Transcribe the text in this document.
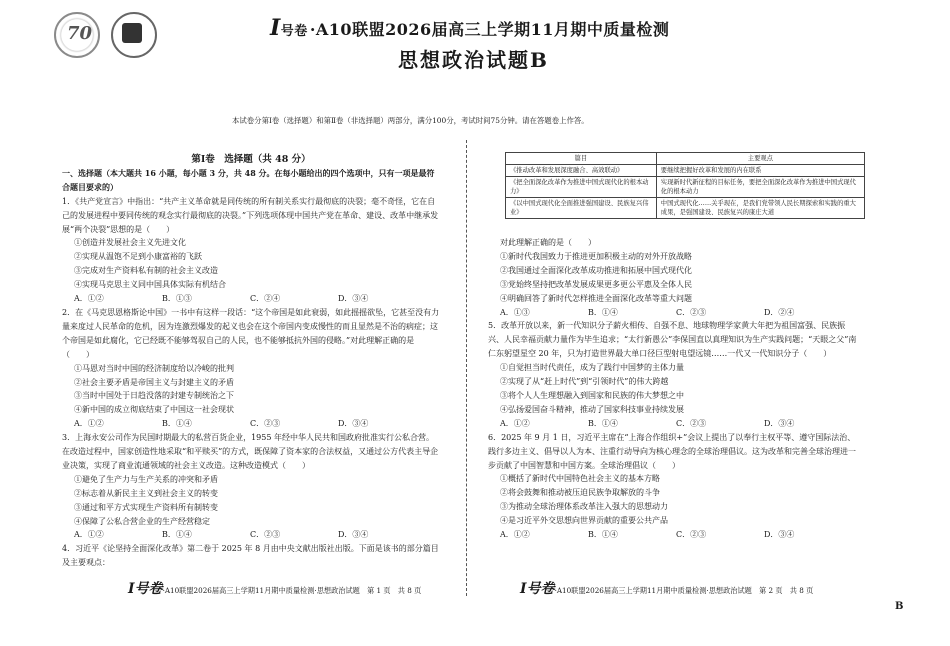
70	I号卷 ·A10联盟2026届高三上学期11月期中质量检测
思想政治试题B
本试卷分第Ⅰ卷（选择题）和第Ⅱ卷（非选择题）两部分，满分100分，考试时间75分钟。请在答题卷上作答。
第Ⅰ卷　选择题（共 48 分）

一、选择题（本大题共 16 小题，每小题 3 分，共 48 分。在每小题给出的四个选项中，只有一项是最符合题目要求的）

1．《共产党宣言》中指出：“共产主义革命就是同传统的所有制关系实行最彻底的决裂；毫不奇怪，它在自己的发展进程中要同传统的观念实行最彻底的决裂。”下列选项体现中国共产党在革命、建设、改革中继承发展“两个决裂”思想的是（　　）

①创造并发展社会主义先进文化

②实现从温饱不足到小康富裕的飞跃

③完成对生产资料私有制的社会主义改造

④实现马克思主义同中国具体实际有机结合

A．①②	B．①③	C．②④	D．③④

2．在《马克思恩格斯论中国》一书中有这样一段话：“这个帝国是如此衰弱，如此摇摇欲坠，它甚至没有力量来度过人民革命的危机，因为连激烈爆发的起义也会在这个帝国内变成慢性的而且显然是不治的病症；这个帝国是如此腐化，它已经既不能够驾驭自己的人民，也不能够抵抗外国的侵略。”对此理解正确的是（　　）

①马恩对当时中国的经济制度给以冷峻的批判

②社会主要矛盾是帝国主义与封建主义的矛盾

③当时中国处于日趋没落的封建专制统治之下

④新中国的成立彻底结束了中国这一社会现状

A．①②	B．①④	C．②③	D．③④

3．上海永安公司作为民国时期最大的私营百货企业，1955 年经中华人民共和国政府批准实行公私合营。在改造过程中，国家创造性地采取“和平赎买”的方式，既保障了资本家的合法权益，又通过公方代表主导企业决策，实现了商业流通领域的社会主义改造。这种改造模式（　　）

①避免了生产力与生产关系的冲突和矛盾

②标志着从新民主主义到社会主义的转变

③通过和平方式实现生产资料所有制转变

④保障了公私合营企业的生产经营稳定

A．①②	B．①④	C．②③	D．③④

4．习近平《论坚持全面深化改革》第二卷于 2025 年 8 月由中央文献出版社出版。下面是该书的部分篇目及主要观点：

I号卷·A10联盟2026届高三上学期11月期中质量检测·思想政治试题　第 1 页　共 8 页
篇目	主要观点
《推动改革和发展深度融合、高效联动》	要继续把握好改革和发展的内在联系
《把全面深化改革作为推进中国式现代化的根本动力》	实现新时代新征程的目标任务，要把全面深化改革作为推进中国式现代化的根本动力
《以中国式现代化全面推进强国建设、民族复兴伟业》	中国式现代化……关乎现在，是我们党带领人民长期探索和实践的重大成果，是强国建设、民族复兴的康庄大道

对此理解正确的是（　　）

①新时代我国致力于推进更加积极主动的对外开放战略

②我国通过全面深化改革成功推进和拓展中国式现代化

③党始终坚持把改革发展成果更多更公平惠及全体人民

④明确回答了新时代怎样推进全面深化改革等重大问题

A．①③	B．①④	C．②③	D．②④

5．改革开放以来，新一代知识分子薪火相传、自强不息、地球物理学家黄大年把为祖国富强、民族振兴、人民幸福贡献力量作为毕生追求；“太行新愚公”李保国直以真理知识为生产实践问题；“天眼之父”南仁东躬望星空 20 年，只为打造世界最大单口径巨型射电望远镜……一代又一代知识分子（　　）

①自觉担当时代责任，成为了践行中国梦的主体力量

②实现了从“赶上时代”到“引领时代”的伟大跨越

③将个人人生理想融入到国家和民族的伟大梦想之中

④弘扬爱国奋斗精神，推动了国家科技事业持续发展

A．①②	B．①④	C．②③	D．③④

6．2025 年 9 月 1 日，习近平主席在“上海合作组织+”会议上提出了以奉行主权平等、遵守国际法治、践行多边主义、倡导以人为本、注重行动导向为核心理念的全球治理倡议。这为改革和完善全球治理进一步贡献了中国智慧和中国方案。全球治理倡议（　　）

①概括了新时代中国特色社会主义的基本方略

②将会鼓舞和推动被压迫民族争取解放的斗争

③为推动全球治理体系改革注入强大的思想动力

④是习近平外交思想向世界贡献的重要公共产品

A．①②	B．①④	C．②③	D．③④
I号卷·A10联盟2026届高三上学期11月期中质量检测·思想政治试题　第 2 页　共 8 页
B
